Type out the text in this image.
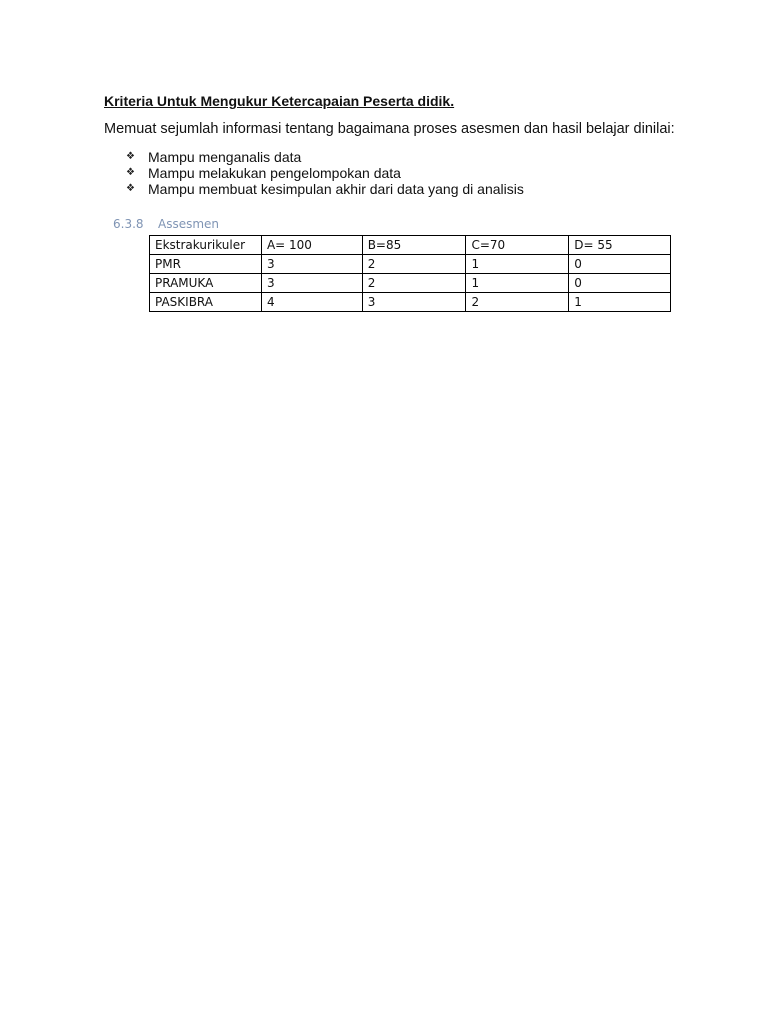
Kriteria Untuk Mengukur Ketercapaian Peserta didik.

Memuat sejumlah informasi tentang bagaimana proses asesmen dan hasil belajar dinilai:

❖ Mampu menganalis data
❖ Mampu melakukan pengelompokan data
❖ Mampu membuat kesimpulan akhir dari data yang di analisis
6.3.8	Assesmen
Ekstrakurikuler	A= 100	B=85	C=70	D= 55
PMR	3	2	1	0
PRAMUKA	3	2	1	0
PASKIBRA	4	3	2	1
